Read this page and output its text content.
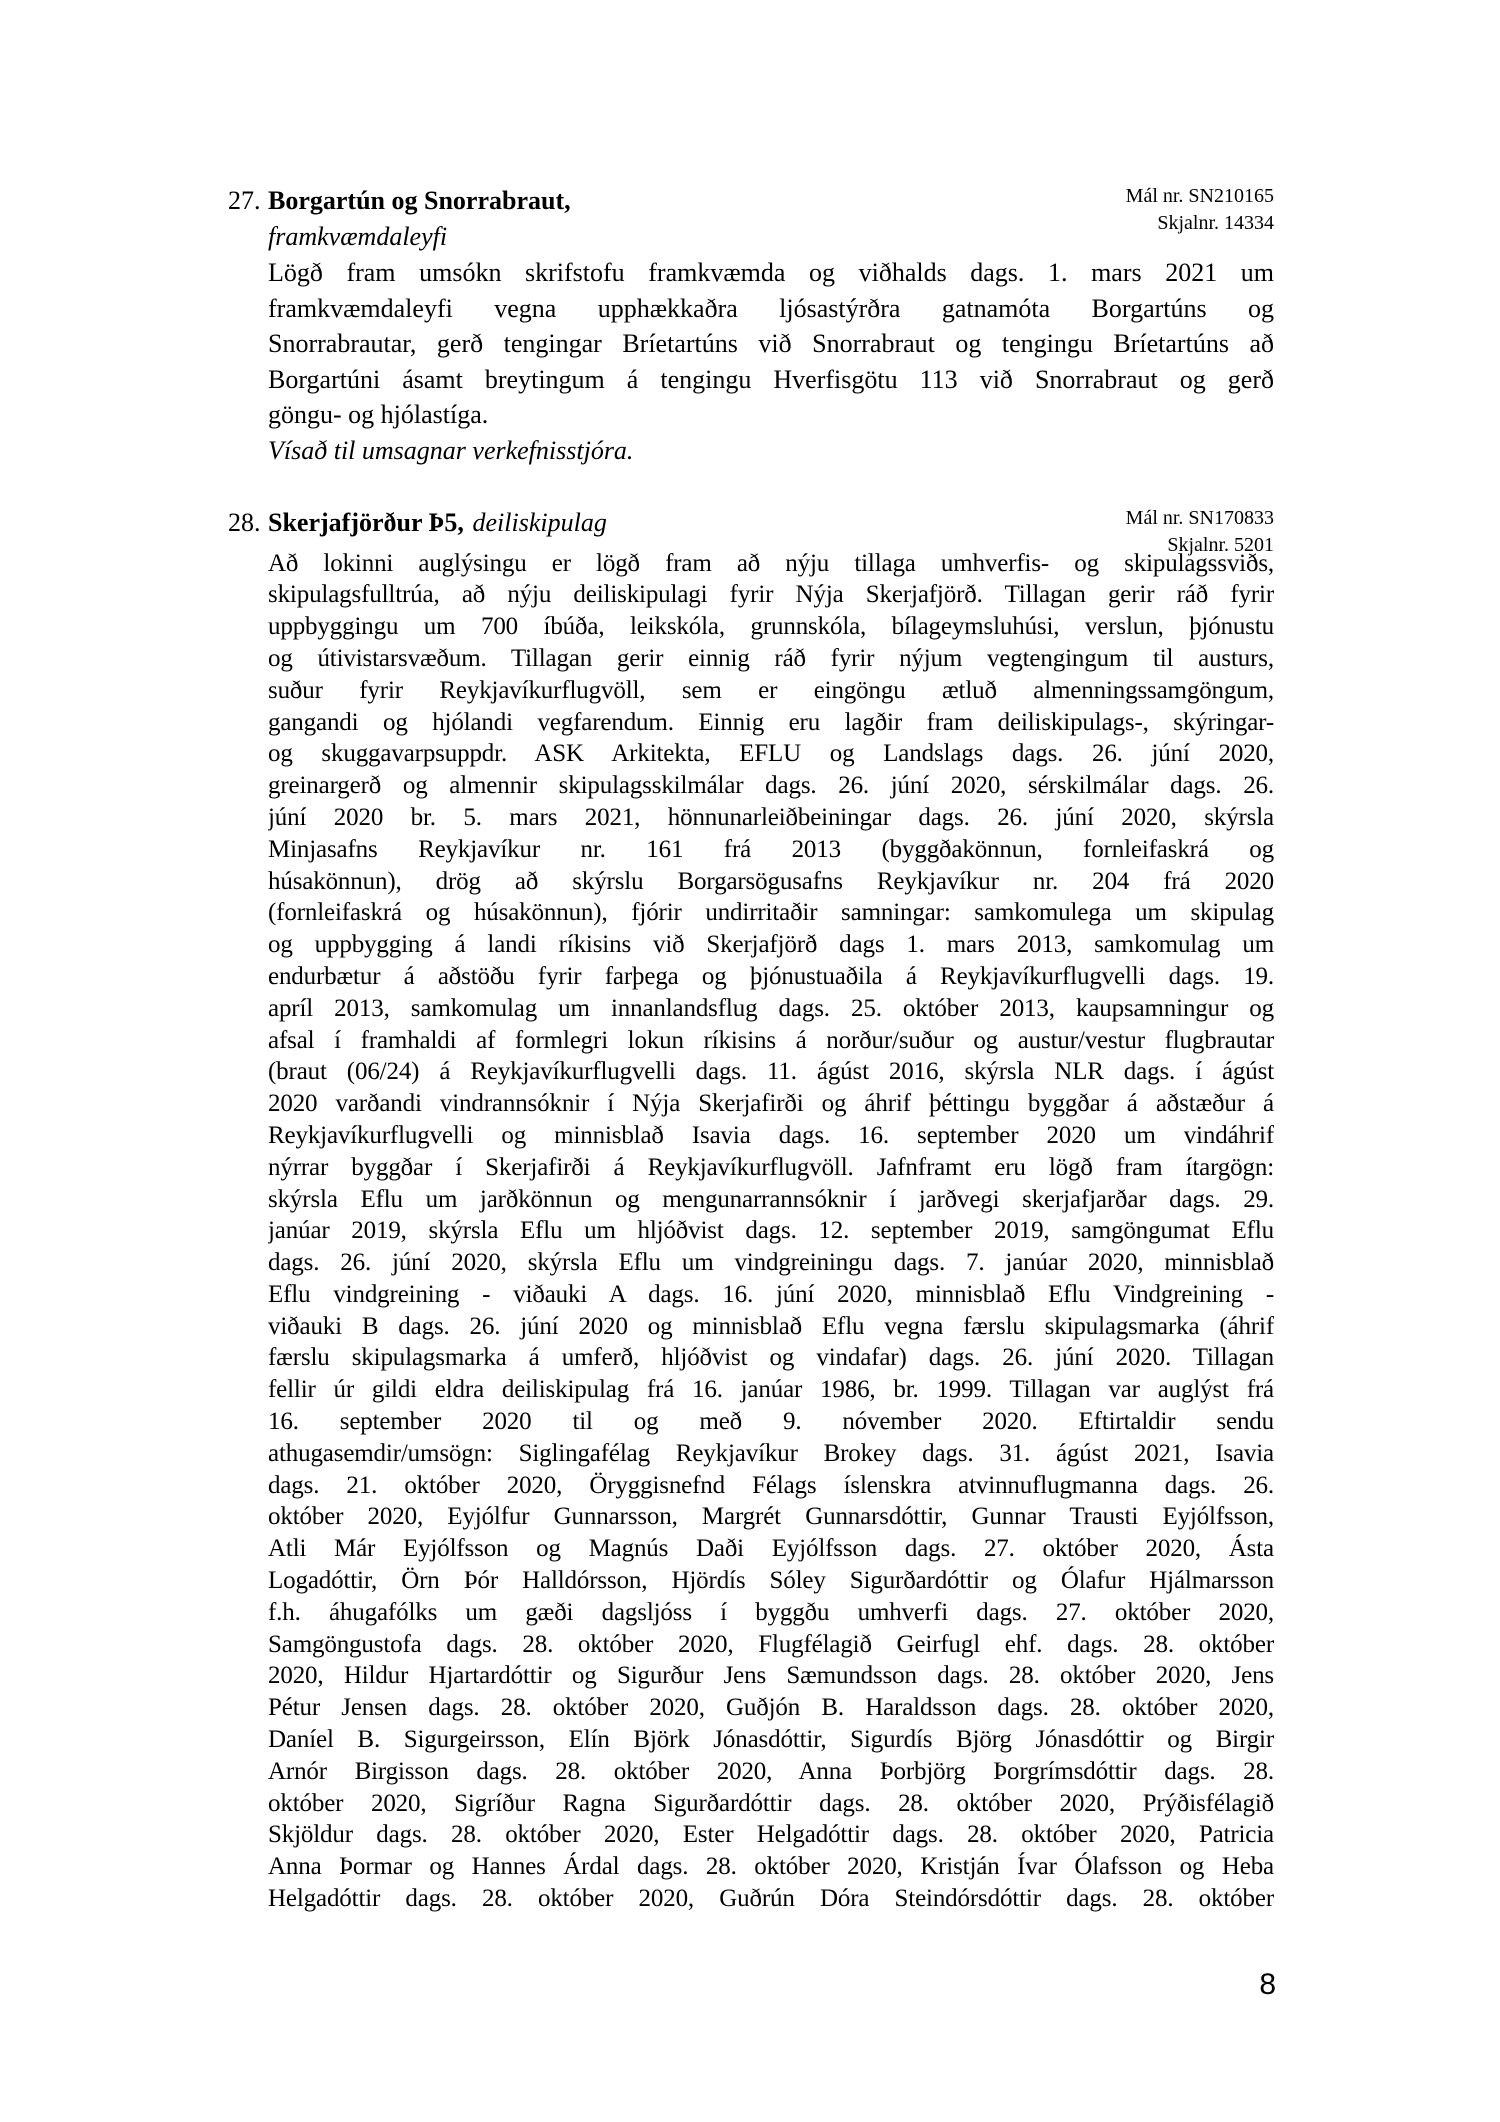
27.	Mál nr. SN210165
Skjalnr. 14334
Borgartún og Snorrabraut,
framkvæmdaleyfi
Lögð fram umsókn skrifstofu framkvæmda og viðhalds dags. 1. mars 2021 um
framkvæmdaleyfi vegna upphækkaðra ljósastýrðra gatnamóta Borgartúns og
Snorrabrautar, gerð tengingar Bríetartúns við Snorrabraut og tengingu Bríetartúns að
Borgartúni ásamt breytingum á tengingu Hverfisgötu 113 við Snorrabraut og gerð
göngu- og hjólastíga.
Vísað til umsagnar verkefnisstjóra.
28.	Mál nr. SN170833
Skjalnr. 5201
Skerjafjörður Þ5, deiliskipulag
Að lokinni auglýsingu er lögð fram að nýju tillaga umhverfis- og skipulagssviðs,
skipulagsfulltrúa, að nýju deiliskipulagi fyrir Nýja Skerjafjörð. Tillagan gerir ráð fyrir
uppbyggingu um 700 íbúða, leikskóla, grunnskóla, bílageymsluhúsi, verslun, þjónustu
og útivistarsvæðum. Tillagan gerir einnig ráð fyrir nýjum vegtengingum til austurs,
suður fyrir Reykjavíkurflugvöll, sem er eingöngu ætluð almenningssamgöngum,
gangandi og hjólandi vegfarendum. Einnig eru lagðir fram deiliskipulags-, skýringar-
og skuggavarpsuppdr. ASK Arkitekta, EFLU og Landslags dags. 26. júní 2020,
greinargerð og almennir skipulagsskilmálar dags. 26. júní 2020, sérskilmálar dags. 26.
júní 2020 br. 5. mars 2021, hönnunarleiðbeiningar dags. 26. júní 2020, skýrsla
Minjasafns Reykjavíkur nr. 161 frá 2013 (byggðakönnun, fornleifaskrá og
húsakönnun), drög að skýrslu Borgarsögusafns Reykjavíkur nr. 204 frá 2020
(fornleifaskrá og húsakönnun), fjórir undirritaðir samningar: samkomulega um skipulag
og uppbygging á landi ríkisins við Skerjafjörð dags 1. mars 2013, samkomulag um
endurbætur á aðstöðu fyrir farþega og þjónustuaðila á Reykjavíkurflugvelli dags. 19.
apríl 2013, samkomulag um innanlandsflug dags. 25. október 2013, kaupsamningur og
afsal í framhaldi af formlegri lokun ríkisins á norður/suður og austur/vestur flugbrautar
(braut (06/24) á Reykjavíkurflugvelli dags. 11. ágúst 2016, skýrsla NLR dags. í ágúst
2020 varðandi vindrannsóknir í Nýja Skerjafirði og áhrif þéttingu byggðar á aðstæður á
Reykjavíkurflugvelli og minnisblað Isavia dags. 16. september 2020 um vindáhrif
nýrrar byggðar í Skerjafirði á Reykjavíkurflugvöll. Jafnframt eru lögð fram ítargögn:
skýrsla Eflu um jarðkönnun og mengunarrannsóknir í jarðvegi skerjafjarðar dags. 29.
janúar 2019, skýrsla Eflu um hljóðvist dags. 12. september 2019, samgöngumat Eflu
dags. 26. júní 2020, skýrsla Eflu um vindgreiningu dags. 7. janúar 2020, minnisblað
Eflu vindgreining - viðauki A dags. 16. júní 2020, minnisblað Eflu Vindgreining -
viðauki B dags. 26. júní 2020 og minnisblað Eflu vegna færslu skipulagsmarka (áhrif
færslu skipulagsmarka á umferð, hljóðvist og vindafar) dags. 26. júní 2020. Tillagan
fellir úr gildi eldra deiliskipulag frá 16. janúar 1986, br. 1999. Tillagan var auglýst frá
16. september 2020 til og með 9. nóvember 2020. Eftirtaldir sendu
athugasemdir/umsögn: Siglingafélag Reykjavíkur Brokey dags. 31. ágúst 2021, Isavia
dags. 21. október 2020, Öryggisnefnd Félags íslenskra atvinnuflugmanna dags. 26.
október 2020, Eyjólfur Gunnarsson, Margrét Gunnarsdóttir, Gunnar Trausti Eyjólfsson,
Atli Már Eyjólfsson og Magnús Daði Eyjólfsson dags. 27. október 2020, Ásta
Logadóttir, Örn Þór Halldórsson, Hjördís Sóley Sigurðardóttir og Ólafur Hjálmarsson
f.h. áhugafólks um gæði dagsljóss í byggðu umhverfi dags. 27. október 2020,
Samgöngustofa dags. 28. október 2020, Flugfélagið Geirfugl ehf. dags. 28. október
2020, Hildur Hjartardóttir og Sigurður Jens Sæmundsson dags. 28. október 2020, Jens
Pétur Jensen dags. 28. október 2020, Guðjón B. Haraldsson dags. 28. október 2020,
Daníel B. Sigurgeirsson, Elín Björk Jónasdóttir, Sigurdís Björg Jónasdóttir og Birgir
Arnór Birgisson dags. 28. október 2020, Anna Þorbjörg Þorgrímsdóttir dags. 28.
október 2020, Sigríður Ragna Sigurðardóttir dags. 28. október 2020, Prýðisfélagið
Skjöldur dags. 28. október 2020, Ester Helgadóttir dags. 28. október 2020, Patricia
Anna Þormar og Hannes Árdal dags. 28. október 2020, Kristján Ívar Ólafsson og Heba
Helgadóttir dags. 28. október 2020, Guðrún Dóra Steindórsdóttir dags. 28. október
8
